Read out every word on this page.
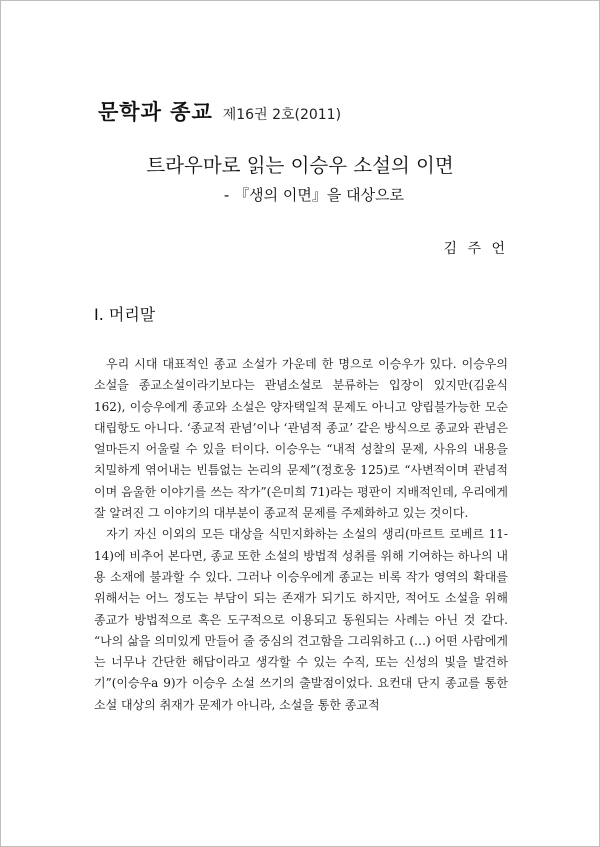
문학과 종교 제16권 2호(2011)
트라우마로 읽는 이승우 소설의 이면
- 『생의 이면』을 대상으로
김 주 언
I. 머리말

우리 시대 대표적인 종교 소설가 가운데 한 명으로 이승우가 있다. 이승우의 소설을 종교소설이라기보다는 관념소설로 분류하는 입장이 있지만(김윤식 162), 이승우에게 종교와 소설은 양자택일적 문제도 아니고 양립불가능한 모순 대립항도 아니다. ‘종교적 관념’이나 ‘관념적 종교’ 같은 방식으로 종교와 관념은 얼마든지 어울릴 수 있을 터이다. 이승우는 “내적 성찰의 문제, 사유의 내용을 치밀하게 엮어내는 빈틈없는 논리의 문제”(정호웅 125)로 “사변적이며 관념적이며 음울한 이야기를 쓰는 작가”(은미희 71)라는 평판이 지배적인데, 우리에게 잘 알려진 그 이야기의 대부분이 종교적 문제를 주제화하고 있는 것이다.

자기 자신 이외의 모든 대상을 식민지화하는 소설의 생리(마르트 로베르 11-14)에 비추어 본다면, 종교 또한 소설의 방법적 성취를 위해 기여하는 하나의 내용 소재에 불과할 수 있다. 그러나 이승우에게 종교는 비록 작가 영역의 확대를 위해서는 어느 정도는 부담이 되는 존재가 되기도 하지만, 적어도 소설을 위해 종교가 방법적으로 혹은 도구적으로 이용되고 동원되는 사례는 아닌 것 같다. “나의 삶을 의미있게 만들어 줄 중심의 견고함을 그리워하고 (…) 어떤 사람에게는 너무나 간단한 해답이라고 생각할 수 있는 수직, 또는 신성의 빛을 발견하기”(이승우a 9)가 이승우 소설 쓰기의 출발점이었다. 요컨대 단지 종교를 통한 소설 대상의 취재가 문제가 아니라, 소설을 통한 종교적
